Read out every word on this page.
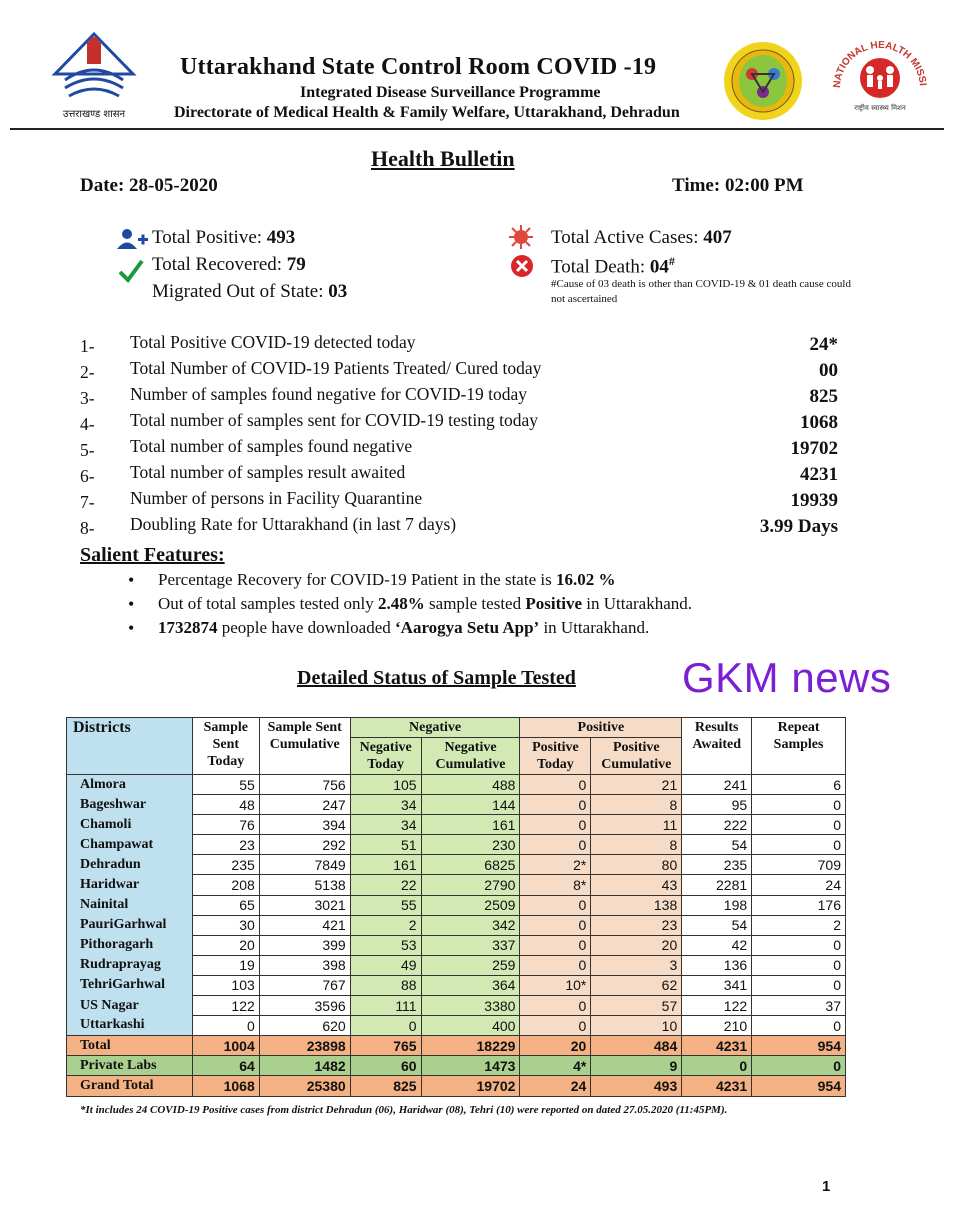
उत्तराखण्ड शासन
Uttarakhand State Control Room COVID -19
Integrated Disease Surveillance Programme
Directorate of Medical Health & Family Welfare, Uttarakhand, Dehradun
NATIONAL HEALTH MISSI
राष्ट्रीय स्वास्थ्य मिशन
Health Bulletin
Date: 28-05-2020	Time: 02:00 PM
Total Positive: 493
Total Recovered: 79
Migrated Out of State: 03
Total Active Cases: 407
Total Death: 04#
#Cause of 03 death is other than COVID-19 & 01 death cause could not ascertained
1- Total Positive COVID-19 detected today	24*
2- Total Number of COVID-19 Patients Treated/ Cured today	00
3- Number of samples found negative for COVID-19 today	825
4- Total number of samples sent for COVID-19 testing today	1068
5- Total number of samples found negative	19702
6- Total number of samples result awaited	4231
7- Number of persons in Facility Quarantine	19939
8- Doubling Rate for Uttarakhand (in last 7 days)	3.99 Days
Salient Features:
• Percentage Recovery for COVID-19 Patient in the state is 16.02 %
• Out of total samples tested only 2.48% sample tested Positive in Uttarakhand.
• 1732874 people have downloaded ‘Aarogya Setu App’ in Uttarakhand.
Detailed Status of Sample Tested	GKM news
Districts	Sample Sent Today	Sample Sent Cumulative	Negative		Positive		Results Awaited	Repeat Samples
			Negative Today	Negative Cumulative	Positive Today	Positive Cumulative		
Almora	55	756	105	488	0	21	241	6
Bageshwar	48	247	34	144	0	8	95	0
Chamoli	76	394	34	161	0	11	222	0
Champawat	23	292	51	230	0	8	54	0
Dehradun	235	7849	161	6825	2*	80	235	709
Haridwar	208	5138	22	2790	8*	43	2281	24
Nainital	65	3021	55	2509	0	138	198	176
PauriGarhwal	30	421	2	342	0	23	54	2
Pithoragarh	20	399	53	337	0	20	42	0
Rudraprayag	19	398	49	259	0	3	136	0
TehriGarhwal	103	767	88	364	10*	62	341	0
US Nagar	122	3596	111	3380	0	57	122	37
Uttarkashi	0	620	0	400	0	10	210	0
Total	1004	23898	765	18229	20	484	4231	954
Private Labs	64	1482	60	1473	4*	9	0	0
Grand Total	1068	25380	825	19702	24	493	4231	954
*It includes 24 COVID-19 Positive cases from district Dehradun (06), Haridwar (08), Tehri (10) were reported on dated 27.05.2020 (11:45PM).
1
